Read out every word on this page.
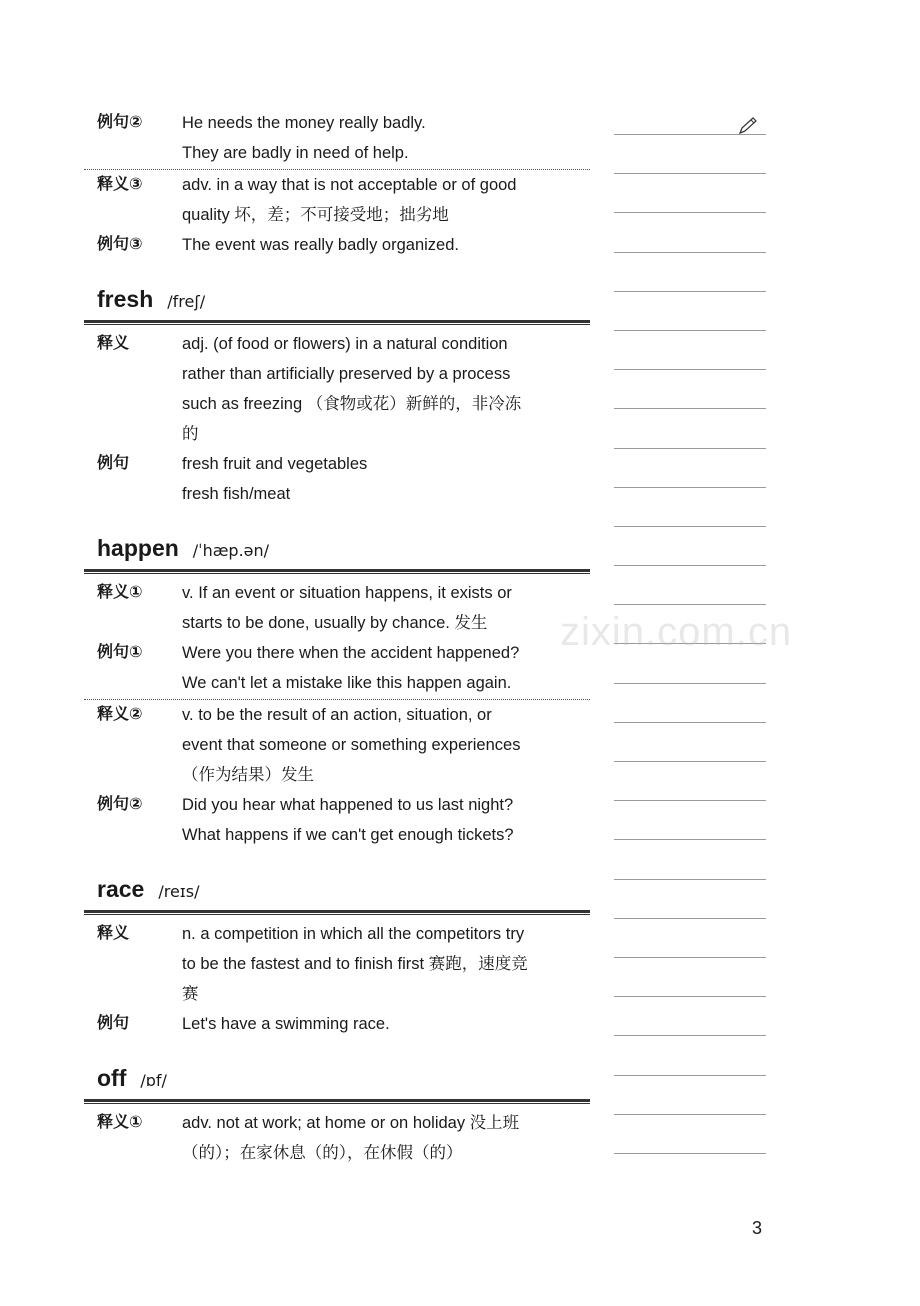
例句②	He needs the money really badly.
They are badly in need of help.
释义③	adv. in a way that is not acceptable or of good
quality 坏，差；不可接受地；拙劣地
例句③	The event was really badly organized.
fresh /freʃ/
释义	adj. (of food or flowers) in a natural condition
rather than artificially preserved by a process
such as freezing （食物或花）新鲜的，非冷冻
的
例句	fresh fruit and vegetables
fresh fish/meat
happen /ˈhæp.ən/
释义①	v. If an event or situation happens, it exists or
starts to be done, usually by chance. 发生
例句①	Were you there when the accident happened?
We can't let a mistake like this happen again.
释义②	v. to be the result of an action, situation, or
event that someone or something experiences
（作为结果）发生
例句②	Did you hear what happened to us last night?
What happens if we can't get enough tickets?
race /reɪs/
释义	n. a competition in which all the competitors try
to be the fastest and to finish first 赛跑，速度竞
赛
例句	Let's have a swimming race.
off /ɒf/
释义①	adv. not at work; at home or on holiday 没上班
（的）；在家休息（的），在休假（的）
zixin.com.cn
3
